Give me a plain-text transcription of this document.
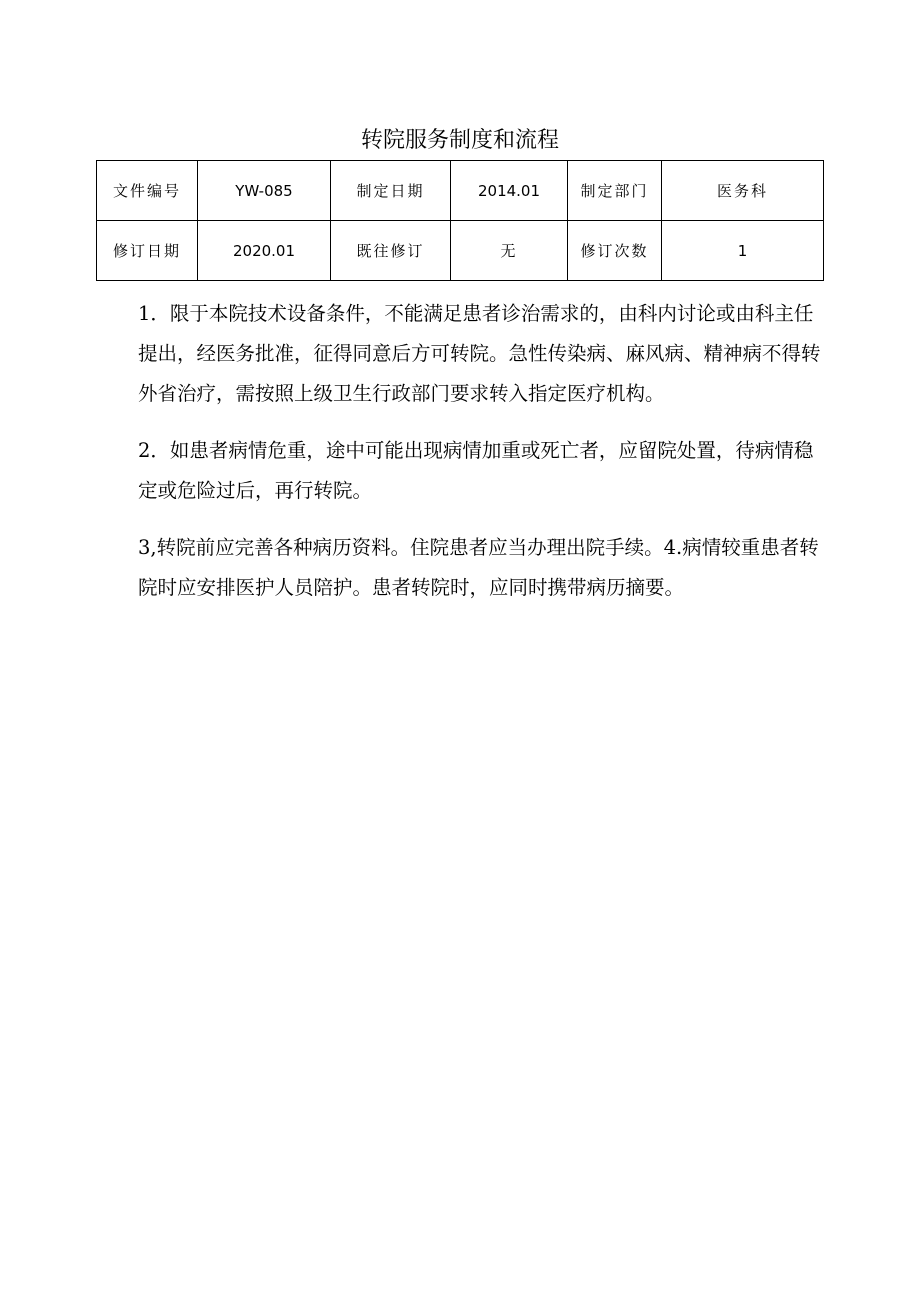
转院服务制度和流程
文件编号	YW-085	制定日期	2014.01	制定部门	医务科
修订日期	2020.01	既往修订	无	修订次数	1

1．限于本院技术设备条件，不能满足患者诊治需求的，由科内讨论或由科主任提出，经医务批准，征得同意后方可转院。急性传染病、麻风病、精神病不得转外省治疗，需按照上级卫生行政部门要求转入指定医疗机构。

2．如患者病情危重，途中可能出现病情加重或死亡者，应留院处置，待病情稳定或危险过后，再行转院。

3,转院前应完善各种病历资料。住院患者应当办理出院手续。4.病情较重患者转院时应安排医护人员陪护。患者转院时，应同时携带病历摘要。
